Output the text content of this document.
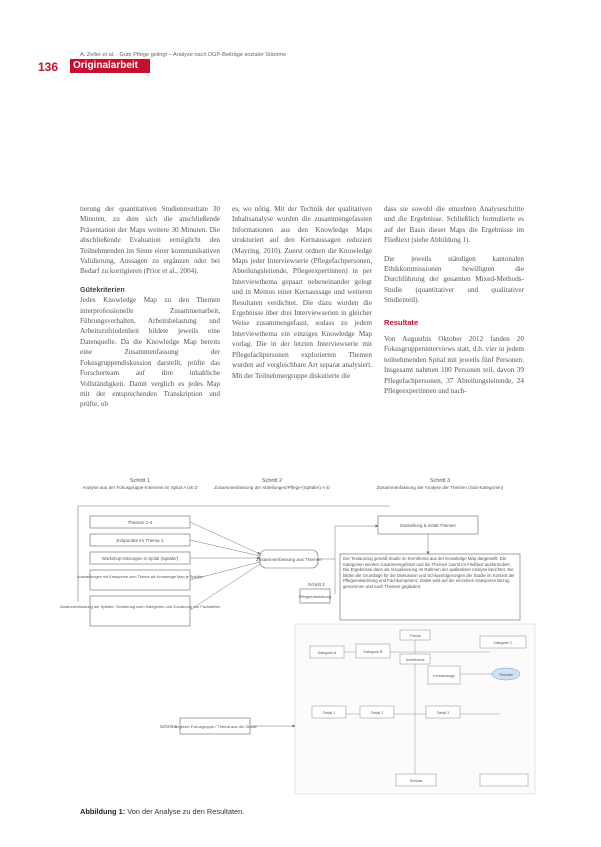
A. Zeller et al. · Gute Pflege gelingt – Analyse nach DGP-Beiträge sozialer Stämme
136	Originalarbeit

tierung der quantitativen Studienresultate 30 Minuten, zu dem sich die anschließende Präsentation der Maps weitere 30 Minuten. Die abschließende Evaluation ermöglicht den Teilnehmenden im Sinne einer kommunikativen Validierung, Aussagen zu ergänzen oder bei Bedarf zu korrigieren (Prior et al., 2004).

Gütekriterien

Jedes Knowledge Map zu den Themen interprofessionelle Zusammenarbeit, Führungsverhalten, Arbeitsbelastung und Arbeitszufriedenheit bildete jeweils eine Datenquelle. Da die Knowledge Map bereits eine Zusammenfassung der Fokusgruppendiskussion darstellt, prüfte das Forscherteam auf ihre inhaltliche Vollständigkeit. Damit verglich es jedes Map mit der entsprechenden Transkription und prüfte, ob

es, wo nötig. Mit der Technik der qualitativen Inhaltsanalyse wurden die zusammengefassten Informationen aus den Knowledge Maps strukturiert auf den Kernaussagen reduziert (Mayring, 2010). Zuerst ordnen die Knowledge Maps jeder Interviewserie (Pflegefachpersonen, Abteilungsleitende, Pflegeexpertinnen) in per Interviewthema gepaart nebeneinander gelegt und in Memos einer Kernaussage und weiteren Resultaten verdichtet. Die dazu wurden die Ergebnisse über drei Interviewserien in gleicher Weise zusammengefasst, sodass zu jedem Interviewthema ein einziges Knowledge Map vorlag. Die in der letzten Interviewserie mit Pflegefachpersonen explorierten Themen wurden auf vergleichbare Art separat analysiert. Mit der Teilnehmergruppe diskutierte die

dass sie sowohl die einzelnen Analyseschritte und die Ergebnisse. Schließlich formulierte es auf der Basis dieser Maps die Ergebnisse im Fließtext (siehe Abbildung 1).

Die jeweils ständigen kantonalen Ethikkommissionen bewilligten die Durchführung der gesamten Mixed-Methods-Studie (quantitativer und qualitativer Studienteil).

Resultate

Von Augustbis Oktober 2012 fanden 20 Fokusgruppeninterviews statt, d.h. vier in jedem teilnehmenden Spital mit jeweils fünf Personen. Insgesamt nahmen 100 Personen teil, davon 39 Pflegefachpersonen, 37 Abteilungsleitende, 24 Pflegeexpertinnen und nach-

Schritt 1
Analyse aus der Fokusgruppe-Interview im Spital A bis D
Schritt 2
Zusammenfassung der Abteilungen/Pflege-(Spitäler) A-D
Schritt 3
Zusammenfassung der Analyse der Themen (Sub-Kategorien)
Themen 1-4
Eckpunkte im Thema 1
Workshop-Sitzungen in Spital (Spitäler)
Auswertungen mit Kategorien zum Thema als Knowledge Map je Spitäler
Zusammenfassung der Spitäler: Sonderung nach Kategorien und Zuordnung von Fachstellen
Zusammenfassung aus Themen
Schritt 2
Pflegeentwicklung
Darstellung & Inhalt Themen
Der Textauszug gemäß Studie im Kernthema aus der Knowledge Map dargestellt. Die Kategorien werden zusammengefasst und die Themen zuerst im Fließtext ausformuliert. Die Ergebnisse dann als Visualisierung im Rahmen der qualitativen Analyse berichtet. Sie bilden die Grundlage für die Diskussion und Schlussfolgerungen der Studie im Kontext der Pflegeentwicklung und Fachkompetenz. Dabei wird auf die einzelnen Kategorien Bezug genommen und nach Themen gegliedert.
Thema
Kategorie A	Kategorie B
Kategorie C
Kernaussage	Resultat
Unterthema
Detail 1	Detail 2	Detail 3
Schluss
Schritt 4
Vergleich Fokusgruppe / Thema aus der Studie
Abbildung 1: Von der Analyse zu den Resultaten.
